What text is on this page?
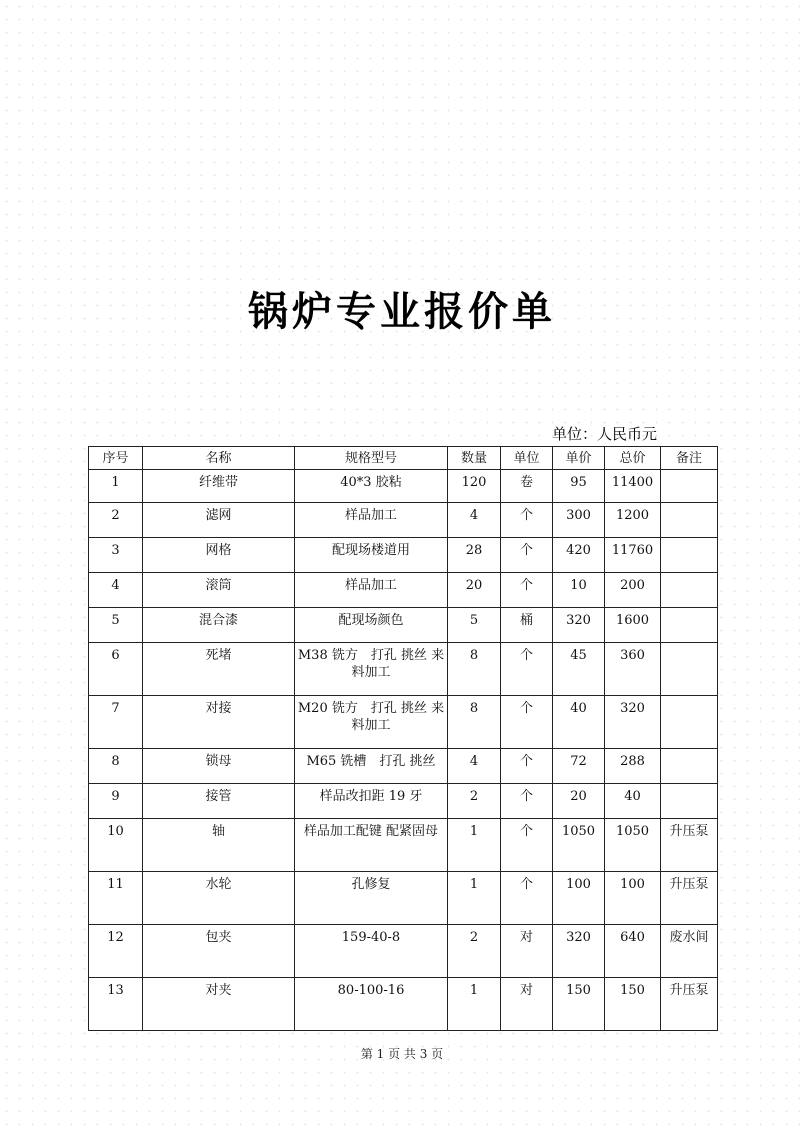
锅炉专业报价单
单位：人民币元
序号	名称	规格型号	数量	单位	单价	总价	备注
1	纤维带	40*3 胶粘	120	卷	95	11400	
2	滤网	样品加工	4	个	300	1200	
3	网格	配现场楼道用	28	个	420	11760	
4	滚筒	样品加工	20	个	10	200	
5	混合漆	配现场颜色	5	桶	320	1600	
6	死堵	M38 铣方　打孔 挑丝 来料加工	8	个	45	360	
7	对接	M20 铣方　打孔 挑丝 来料加工	8	个	40	320	
8	锁母	M65 铣槽　打孔 挑丝	4	个	72	288	
9	接管	样品改扣距 19 牙	2	个	20	40	
10	轴	样品加工配键 配紧固母	1	个	1050	1050	升压泵
11	水轮	孔修复	1	个	100	100	升压泵
12	包夹	159-40-8	2	对	320	640	废水间
13	对夹	80-100-16	1	对	150	150	升压泵
第 1 页 共 3 页
